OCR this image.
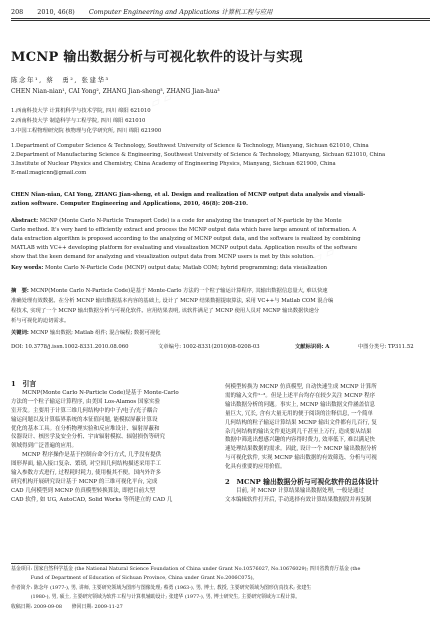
▱ ▱ ▱
▱ ▱ ▱
▱ ▱ ▱
208 2010, 46(8) Computer Engineering and Applications 计算机工程与应用
MCNP 输出数据分析与可视化软件的设计与实现
陈念年¹, 蔡　勇², 张建华³
CHEN Nian-nian¹, CAI Yong², ZHANG Jian-sheng³, ZHANG Jian-hua³
1.西南科技大学 计算机科学与技术学院, 四川 绵阳 621010
2.西南科技大学 制造科学与工程学院, 四川 绵阳 621010
3.中国工程物理研究院 核物理与化学研究所, 四川 绵阳 621900
1.Department of Computer Science & Technology, Southwest University of Science & Technology, Mianyang, Sichuan 621010, China
2.Department of Manufacturing Science & Engineering, Southwest University of Science & Technology, Mianyang, Sichuan 621010, China
3.Institute of Nuclear Physics and Chemistry, China Academy of Engineering Physics, Mianyang, Sichuan 621900, China
E-mail:magicnn@gmail.com
CHEN Nian-nian, CAI Yong, ZHANG Jian-sheng, et al. Design and realization of MCNP output data analysis and visuali-
zation software. Computer Engineering and Applications, 2010, 46(8): 208-210.
Abstract: MCNP (Monte Carlo N-Particle Transport Code) is a code for analyzing the transport of N-particle by the Monte
Carlo method. It's very hard to efficiently extract and process the MCNP output data which have large amount of information. A
data extraction algorithm is proposed according to the analyzing of MCNP output data, and the software is realized by combining
MATLAB with VC++ developing platform for evaluating and visualization MCNP output data. Application results of the software
show that the keen demand for analyzing and visualization output data from MCNP users is met by this solution.
Key words: Monte Carlo N-Particle Code (MCNP) output data; Matlab COM; hybrid programming; data visualization
摘　要: MCNP(Monte Carlo N-Particle Code)是基于 Monte-Carlo 方法的一个粒子输运计算程序, 其输出数据信息量大, 难以快速
准确处理有效数据。在分析 MCNP 输出数据基本内容的基础上, 设计了 MCNP 结果数据提取算法, 采用 VC++与 Matlab COM 混合编
程技术, 实现了一个 MCNP 输出数据分析与可视化软件。应用结果表明, 该软件满足了 MCNP 使用人员对 MCNP 输出数据快速分
析与可视化的迫切需求。
关键词: MCNP 输出数据; Matlab 组件; 混合编程; 数据可视化
DOI: 10.3778/j.issn.1002-8331.2010.08.060	文章编号: 1002-8331(2010)08-0208-03	文献标识码: A	中图分类号: TP311.52

1　引言

　　MCNP(Monte Carlo N-Particle Code)是基于 Monte-Carlo

方法的一个粒子输运计算程序, 由美国 Los-Alamos 国家实验

室开发。主要用于计算三维几何结构中的中子/电子/光子耦合

输运问题以及计算临界系统的本征值问题, 能模拟屏蔽计算设

优化的基本工具。在分析物理实验和反应堆设计、辐射屏蔽和

仪器设计、核医学及安全分析、宇宙辐射模拟、辐射损伤等研究

领域得到广泛普遍的应用。

　　MCNP 程序操作是基于控制台命令行方式, 几乎没有提供

图形界面, 输入接口复杂、繁琐, 对空间几何结构描述采用手工

输入参数方式进行, 过程耗时耗力, 使用极其不便。国内外许多

研究机构开展研究设计基于 MCNP 的三维可视化平台, 完成

CAD 几何模型到 MCNP 仿真模型转换算法, 即把目前大型

CAD 软件, 如 UG, AutoCAD, Solid Works 等所建立的 CAD 几

何模型转换为 MCNP 仿真模型, 自动快速生成 MCNP 计算所

需的输入文件¹⁻³。但是上述平台均存在较少关注 MCNP 程序

输出数据分析的问题。事实上, MCNP 输出数据文件涵盖信息

量巨大, 冗长, 含有大量无用的便于阅读的注释信息, 一个简单

几何结构的粒子输运计算结果 MCNP 输出文件都有几百行, 复

杂几何结构的输出文件更达到几千甚至上万行, 造成要从结果

数据中筛选出想感兴趣的内容得时费力, 效率低下, 难以满足快

速处理结果数据的需求。因此, 设计一个 MCNP 输出数据分析

与可视化软件, 实现 MCNP 输出数据的有效筛选、分析与可视

化具有重要的应用价值。

2　MCNP 输出数据分析与可视化软件的总体设计

　　目前, 对 MCNP 计算结果输出数据处理, 一般是通过

文本编辑软件打开后, 手动选择有效计算结果数据段并再复制

基金项目: 国家自然科学基金 (the National Natural Science Foundation of China under Grant No.10576027, No.10676029); 四川省教育厅基金 (the
　　　　Fund of Department of Education of Sichuan Province, China under Grant No.2006C075)。
作者简介: 陈念年 (1977-), 男, 讲师, 主要研究领域为图形与图像处理; 蔡勇 (1963-), 男, 博士, 教授, 主要研究领域为图形仿真技术; 张建生
　　　　(1980-), 男, 硕士, 主要研究领域为软件工程与计算机辅助设计; 张建华 (1977-), 男, 博士研究生, 主要研究领域为工程计算。
收稿日期: 2009-09-08　　修回日期: 2009-11-27
